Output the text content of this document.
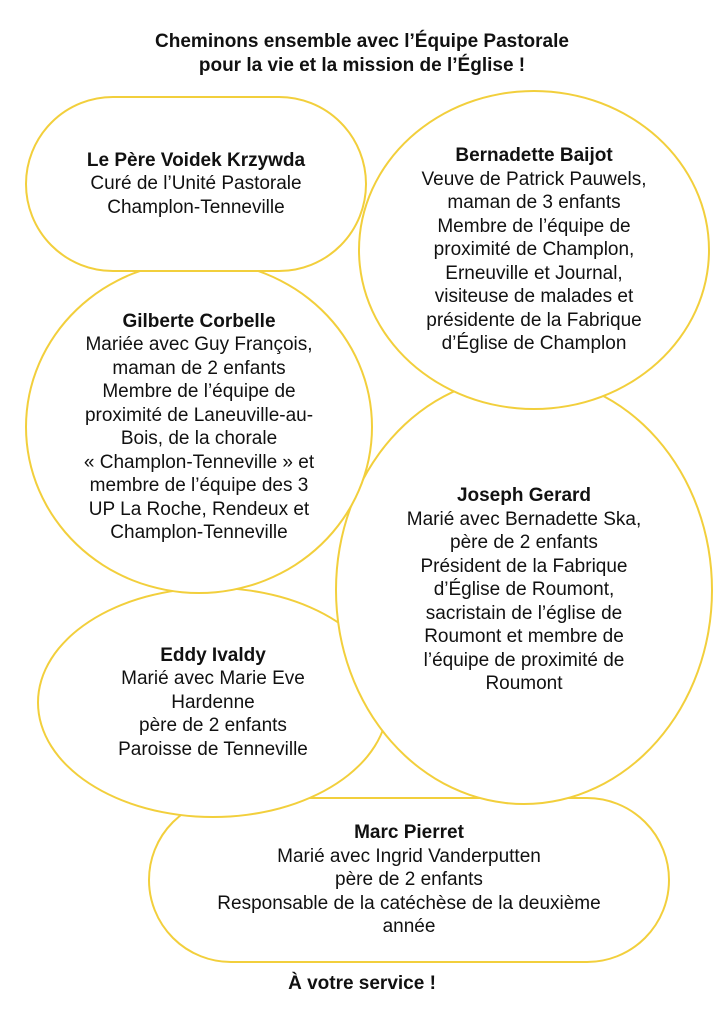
Cheminons ensemble avec l’Équipe Pastorale
pour la vie et la mission de l’Église !
Marc Pierret
Marié avec Ingrid Vanderputten
père de 2 enfants
Responsable de la catéchèse de la deuxième
année
Eddy Ivaldy
Marié avec Marie Eve
Hardenne
père de 2 enfants
Paroisse de Tenneville
Joseph Gerard
Marié avec Bernadette Ska,
père de 2 enfants
Président de la Fabrique
d’Église de Roumont,
sacristain de l’église de
Roumont et membre de
l’équipe de proximité de
Roumont
Gilberte Corbelle
Mariée avec Guy François,
maman de 2 enfants
Membre de l’équipe de
proximité de Laneuville-au-
Bois, de la chorale
« Champlon-Tenneville » et
membre de l’équipe des 3
UP La Roche, Rendeux et
Champlon-Tenneville
Bernadette Baijot
Veuve de Patrick Pauwels,
maman de 3 enfants
Membre de l’équipe de
proximité de Champlon,
Erneuville et Journal,
visiteuse de malades et
présidente de la Fabrique
d’Église de Champlon
Le Père Voidek Krzywda
Curé de l’Unité Pastorale
Champlon-Tenneville
À votre service !
